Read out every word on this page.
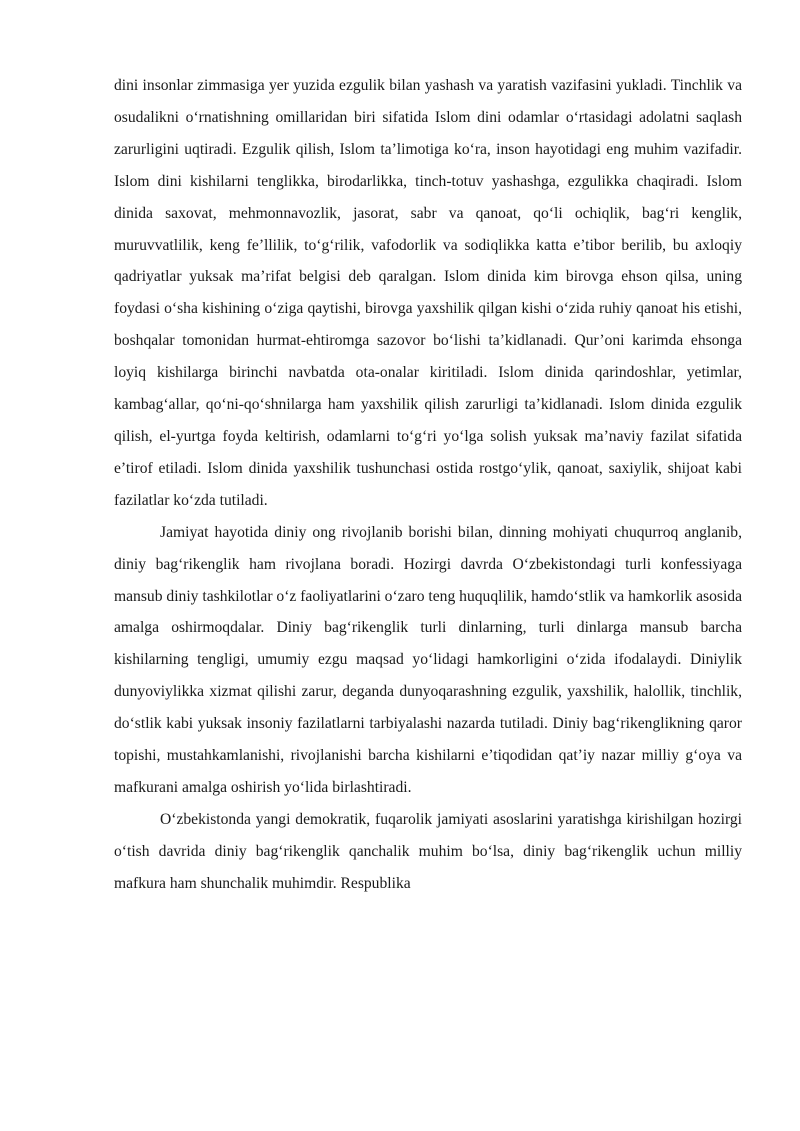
dini insonlar zimmasiga yer yuzida ezgulik bilan yashash va yaratish vazifasini yukladi. Tinchlik va osudalikni o‘rnatishning omillaridan biri sifatida Islom dini odamlar o‘rtasidagi adolatni saqlash zarurligini uqtiradi. Ezgulik qilish, Islom ta’limotiga ko‘ra, inson hayotidagi eng muhim vazifadir. Islom dini kishilarni tenglikka, birodarlikka, tinch-totuv yashashga, ezgulikka chaqiradi. Islom dinida saxovat, mehmonnavozlik, jasorat, sabr va qanoat, qo‘li ochiqlik, bag‘ri kenglik, muruvvatlilik, keng fe’llilik, to‘g‘rilik, vafodorlik va sodiqlikka katta e’tibor berilib, bu axloqiy qadriyatlar yuksak ma’rifat belgisi deb qaralgan. Islom dinida kim birovga ehson qilsa, uning foydasi o‘sha kishining o‘ziga qaytishi, birovga yaxshilik qilgan kishi o‘zida ruhiy qanoat his etishi, boshqalar tomonidan hurmat-ehtiromga sazovor bo‘lishi ta’kidlanadi. Qur’oni karimda ehsonga loyiq kishilarga birinchi navbatda ota-onalar kiritiladi. Islom dinida qarindoshlar, yetimlar, kambag‘allar, qo‘ni-qo‘shnilarga ham yaxshilik qilish zarurligi ta’kidlanadi. Islom dinida ezgulik qilish, el-yurtga foyda keltirish, odamlarni to‘g‘ri yo‘lga solish yuksak ma’naviy fazilat sifatida e’tirof etiladi. Islom dinida yaxshilik tushunchasi ostida rostgo‘ylik, qanoat, saxiylik, shijoat kabi fazilatlar ko‘zda tutiladi.

Jamiyat hayotida diniy ong rivojlanib borishi bilan, dinning mohiyati chuqurroq anglanib, diniy bag‘rikenglik ham rivojlana boradi. Hozirgi davrda O‘zbekistondagi turli konfessiyaga mansub diniy tashkilotlar o‘z faoliyatlarini o‘zaro teng huquqlilik, hamdo‘stlik va hamkorlik asosida amalga oshirmoqdalar. Diniy bag‘rikenglik turli dinlarning, turli dinlarga mansub barcha kishilarning tengligi, umumiy ezgu maqsad yo‘lidagi hamkorligini o‘zida ifodalaydi. Diniylik dunyoviylikka xizmat qilishi zarur, deganda dunyoqarashning ezgulik, yaxshilik, halollik, tinchlik, do‘stlik kabi yuksak insoniy fazilatlarni tarbiyalashi nazarda tutiladi. Diniy bag‘rikenglikning qaror topishi, mustahkamlanishi, rivojlanishi barcha kishilarni e’tiqodidan qat’iy nazar milliy g‘oya va mafkurani amalga oshirish yo‘lida birlashtiradi.

O‘zbekistonda yangi demokratik, fuqarolik jamiyati asoslarini yaratishga kirishilgan hozirgi o‘tish davrida diniy bag‘rikenglik qanchalik muhim bo‘lsa, diniy bag‘rikenglik uchun milliy mafkura ham shunchalik muhimdir. Respublika
